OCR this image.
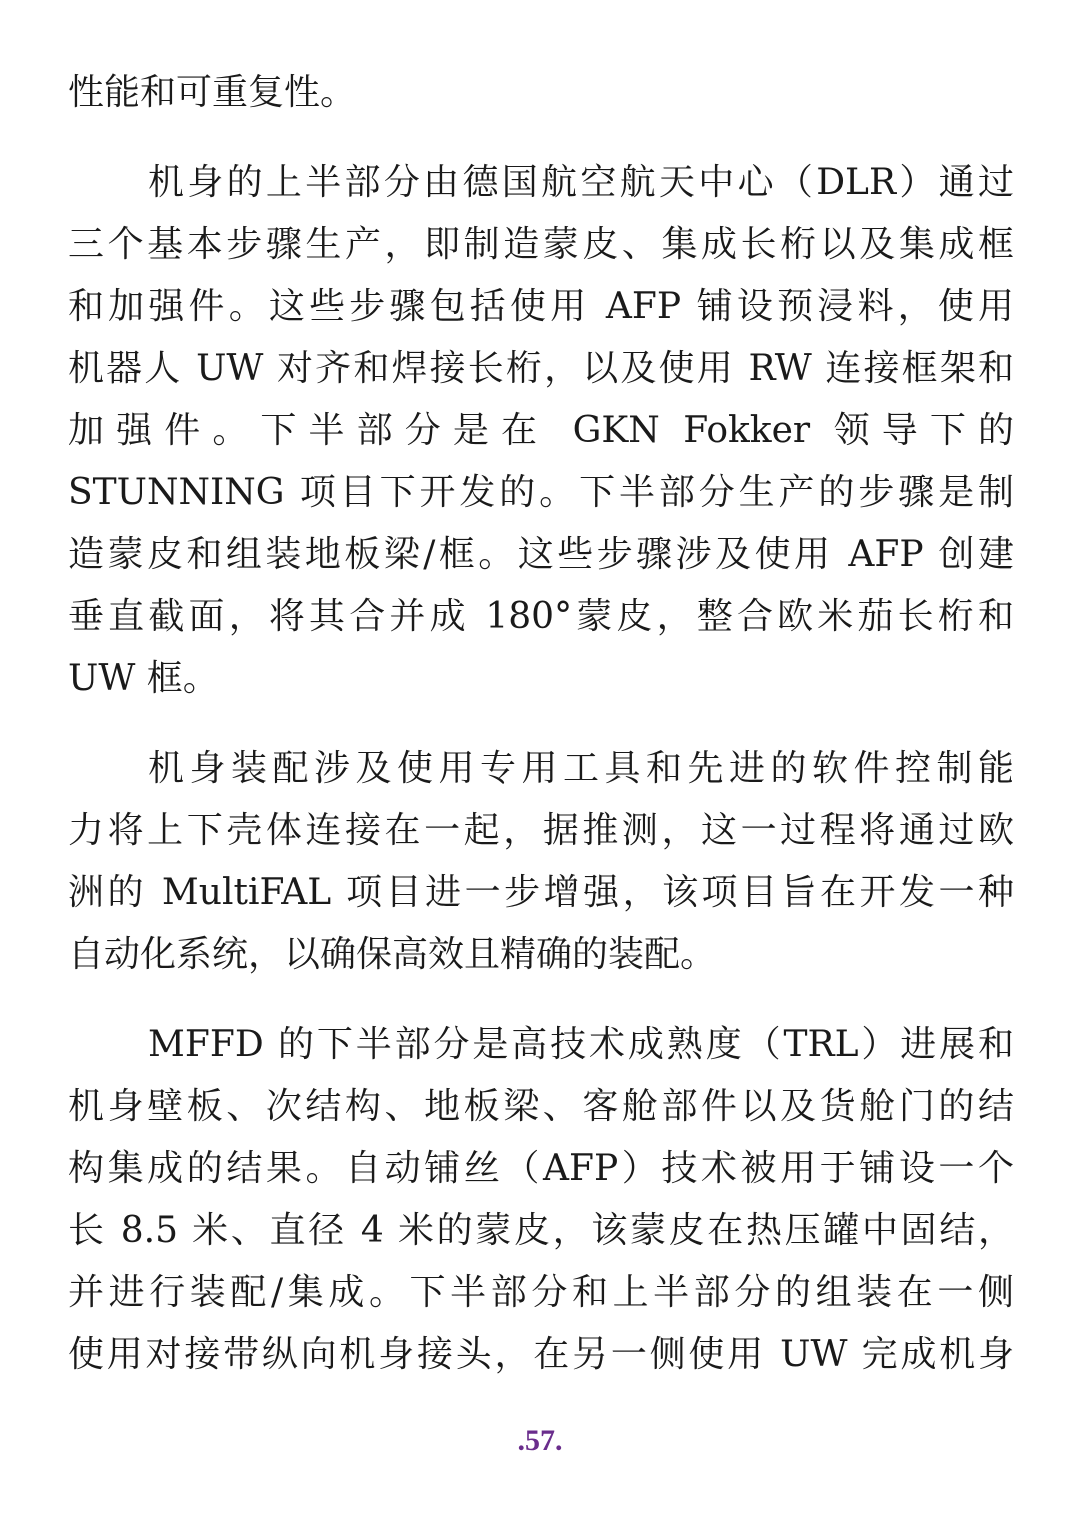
性能和可重复性。
机身的上半部分由德国航空航天中心（DLR）通过
三个基本步骤生产，即制造蒙皮、集成长桁以及集成框
和加强件。这些步骤包括使用 AFP 铺设预浸料，使用
机器人 UW 对齐和焊接长桁，以及使用 RW 连接框架和
加强件。下半部分是在 GKN Fokker 领导下的
STUNNING 项目下开发的。下半部分生产的步骤是制
造蒙皮和组装地板梁/框。这些步骤涉及使用 AFP 创建
垂直截面，将其合并成 180°蒙皮，整合欧米茄长桁和
UW 框。
机身装配涉及使用专用工具和先进的软件控制能
力将上下壳体连接在一起，据推测，这一过程将通过欧
洲的 MultiFAL 项目进一步增强，该项目旨在开发一种
自动化系统，以确保高效且精确的装配。
MFFD 的下半部分是高技术成熟度（TRL）进展和
机身壁板、次结构、地板梁、客舱部件以及货舱门的结
构集成的结果。自动铺丝（AFP）技术被用于铺设一个
长 8.5 米、直径 4 米的蒙皮，该蒙皮在热压罐中固结，
并进行装配/集成。下半部分和上半部分的组装在一侧
使用对接带纵向机身接头，在另一侧使用 UW 完成机身
.57.
